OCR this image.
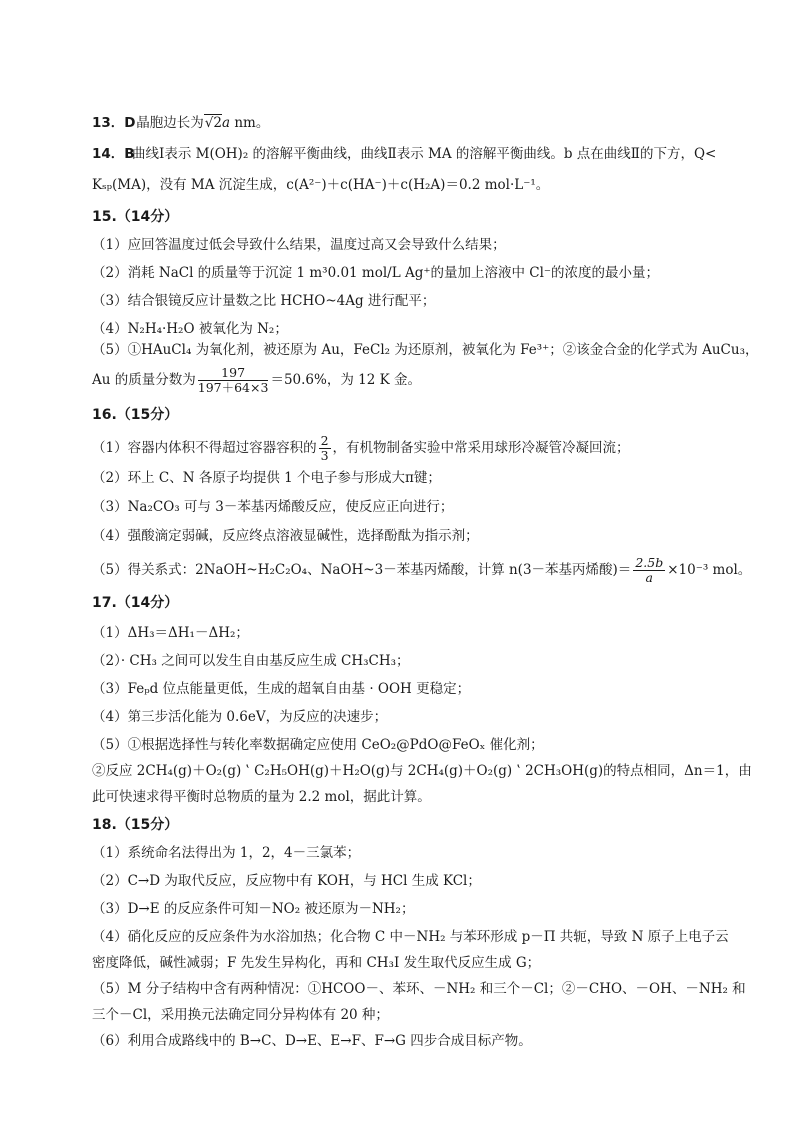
13．D 晶胞边长为√2a nm。
14．B曲线Ⅰ表示 M(OH)₂ 的溶解平衡曲线，曲线Ⅱ表示 MA 的溶解平衡曲线。b 点在曲线Ⅱ的下方，Q<
Kₛₚ(MA)，没有 MA 沉淀生成，c(A²⁻)＋c(HA⁻)＋c(H₂A)＝0.2 mol·L⁻¹。
15.（14分）
（1）应回答温度过低会导致什么结果，温度过高又会导致什么结果；
（2）消耗 NaCl 的质量等于沉淀 1 m³0.01 mol/L Ag⁺的量加上溶液中 Cl⁻的浓度的最小量；
（3）结合银镜反应计量数之比 HCHO~4Ag 进行配平；
（4）N₂H₄·H₂O 被氧化为 N₂；
（5）①HAuCl₄ 为氧化剂，被还原为 Au，FeCl₂ 为还原剂，被氧化为 Fe³⁺；②该金合金的化学式为 AuCu₃，
Au 的质量分数为 $\frac{197}{197+64\times 3} =50.6\%$，为 12 K 金。
16.（15分）
（1）容器内体积不得超过容器容积的 $\frac{2}{3}$ ，有机物制备实验中常采用球形冷凝管冷凝回流；
（2）环上 C、N 各原子均提供 1 个电子参与形成大π键；
（3）Na₂CO₃ 可与 3－苯基丙烯酸反应，使反应正向进行；
（4）强酸滴定弱碱，反应终点溶液显碱性，选择酚酞为指示剂；
（5）得关系式：2NaOH~H₂C₂O₄、NaOH~3－苯基丙烯酸，计算 n(3－苯基丙烯酸)＝ $\frac{2.5b}{a} \times 10^{-3}$ mol。
17.（14分）
（1）ΔH₃＝ΔH₁－ΔH₂；
（2）· CH₃ 之间可以发生自由基反应生成 CH₃CH₃；
（3）Feₚd 位点能量更低，生成的超氧自由基 · OOH 更稳定；
（4）第三步活化能为 0.6eV，为反应的决速步；
（5）①根据选择性与转化率数据确定应使用 CeO₂@PdO@FeOₓ 催化剂；
②反应 2CH₄(g)＋O₂(g) ‛ C₂H₅OH(g)＋H₂O(g)与 2CH₄(g)＋O₂(g) ‛ 2CH₃OH(g)的特点相同，Δn＝1，由
此可快速求得平衡时总物质的量为 2.2 mol，据此计算。
18.（15分）
（1）系统命名法得出为 1，2，4－三氯苯；
（2）C→D 为取代反应，反应物中有 KOH，与 HCl 生成 KCl；
（3）D→E 的反应条件可知－NO₂ 被还原为－NH₂；
（4）硝化反应的反应条件为水浴加热；化合物 C 中－NH₂ 与苯环形成 p－Π 共轭，导致 N 原子上电子云
密度降低，碱性减弱；F 先发生异构化，再和 CH₃I 发生取代反应生成 G；
（5）M 分子结构中含有两种情况：①HCOO－、苯环、－NH₂ 和三个－Cl；②－CHO、－OH、－NH₂ 和
三个－Cl，采用换元法确定同分异构体有 20 种；
（6）利用合成路线中的 B→C、D→E、E→F、F→G 四步合成目标产物。
